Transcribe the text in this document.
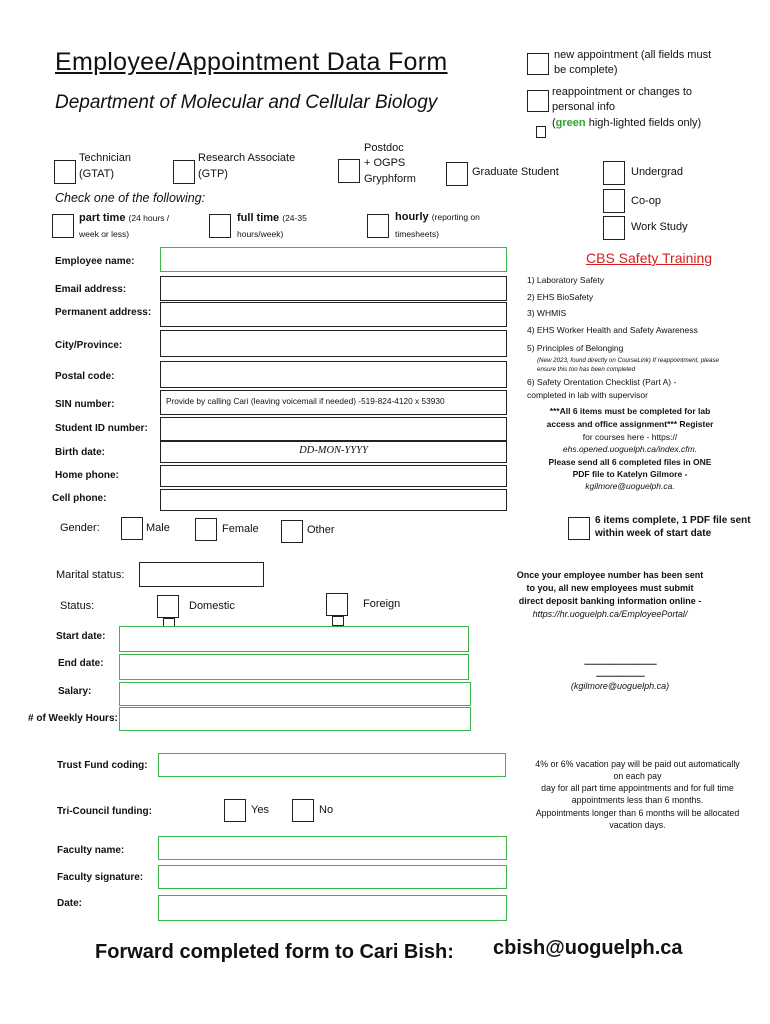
Employee/Appointment Data Form
Department of Molecular and Cellular Biology
new appointment (all fields must be complete)
reappointment or changes to personal info
(green high-lighted fields only)
Technician
(GTAT)
Research Associate
(GTP)
Postdoc
+ OGPS
Gryphform
Graduate Student	Undergrad
Co-op
Work Study
Check one of the following:
part time (24 hours /
week or less)
full time (24-35
hours/week)
hourly (reporting on
timesheets)
Employee name:
Email address:
Permanent address:
City/Province:
Postal code:
SIN number:	Provide by calling Cari (leaving voicemail if needed) -519-824-4120 x 53930
Student ID number:
Birth date:	DD-MON-YYYY
Home phone:
Cell phone:
Gender:	Male	Female	Other
Marital status:
Status:	Domestic	Foreign
Start date:
End date:
Salary:
# of Weekly Hours:
Trust Fund coding:
Tri-Council funding:	Yes	No
Faculty name:
Faculty signature:
Date:
CBS Safety Training
1) Laboratory Safety
2) EHS BioSafety
3) WHMIS
4) EHS Worker Health and Safety Awareness
5) Principles of Belonging
(New 2023, found directly on CourseLink) If reappointment, please
ensure this too has been completed
6) Safety Orentation Checklist (Part A) -
completed in lab with supervisor
***All 6 items must be completed for lab
access and office assignment*** Register
for courses here - https://
ehs.opened.uoguelph.ca/index.cfm.
Please send all 6 completed files in ONE
PDF file to Katelyn Gilmore -
kgilmore@uoguelph.ca.
6 items complete, 1 PDF file sent
within week of start date
Once your employee number has been sent
to you, all new employees must submit
direct deposit banking information online -
https://hr.uoguelph.ca/EmployeePortal/
⸻⸻⸻
⸻⸻
(kgilmore@uoguelph.ca)
4% or 6% vacation pay will be paid out automatically
on each pay
day for all part time appointments and for full time
appointments less than 6 months.
Appointments longer than 6 months will be allocated
vacation days.
Forward completed form to Cari Bish: cbish@uoguelph.ca
